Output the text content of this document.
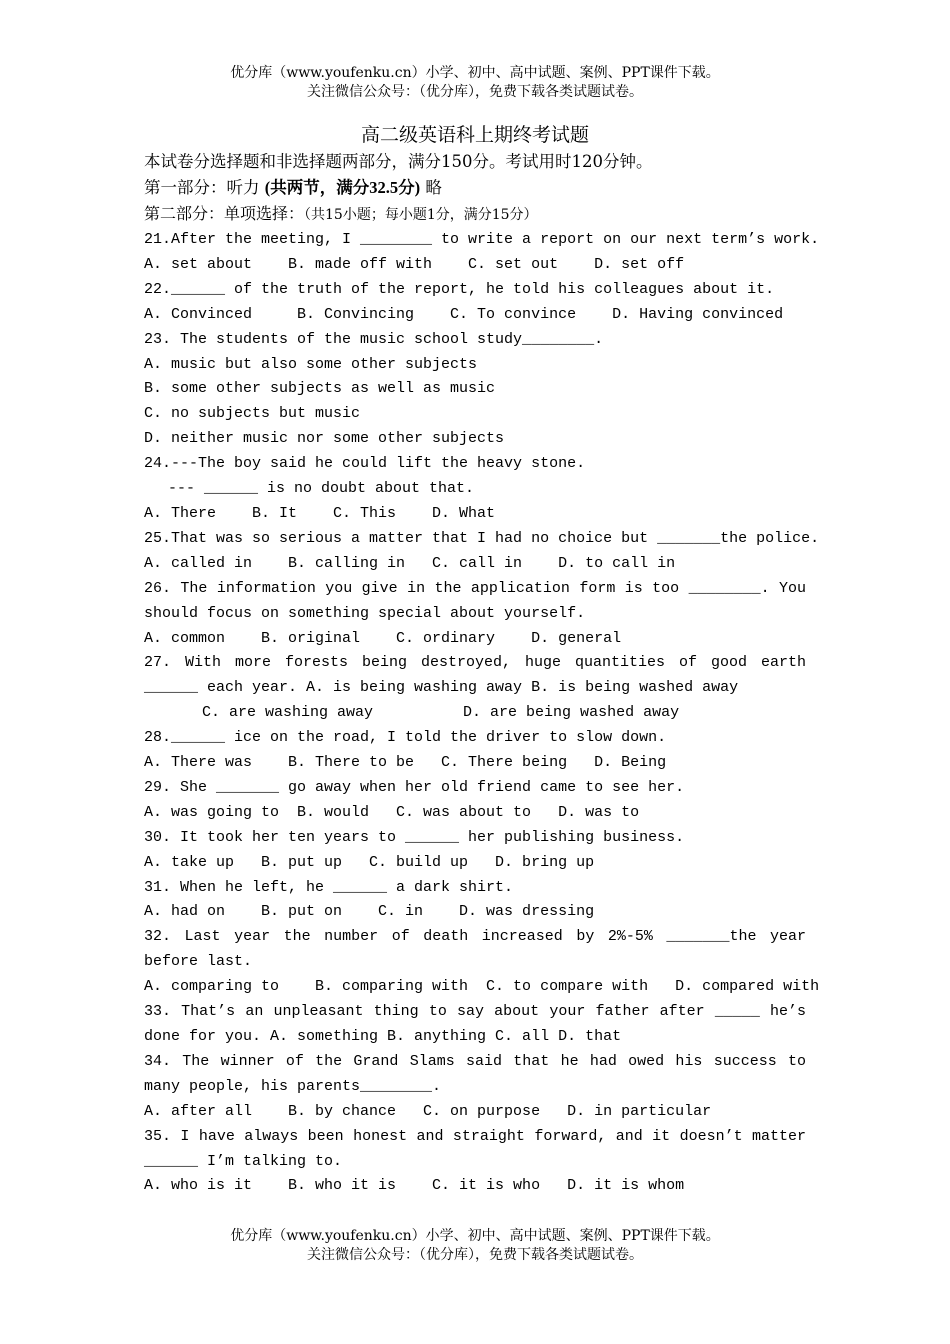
优分库（www.youfenku.cn）小学、初中、高中试题、案例、PPT课件下载。
关注微信公众号：（优分库），免费下载各类试题试卷。
高二级英语科上期终考试题
本试卷分选择题和非选择题两部分，满分150分。考试用时120分钟。
第一部分：听力 (共两节，满分32.5分) 略
第二部分：单项选择：（共15小题；每小题1分，满分15分）
21.After the meeting, I ________ to write a report on our next term’s work.
A. set about    B. made off with    C. set out    D. set off
22.______ of the truth of the report, he told his colleagues about it.
A. Convinced     B. Convincing    C. To convince    D. Having convinced
23. The students of the music school study________.
A. music but also some other subjects
B. some other subjects as well as music
C. no subjects but music
D. neither music nor some other subjects
24.---The boy said he could lift the heavy stone.
--- ______ is no doubt about that.
A. There    B. It    C. This    D. What
25.That was so serious a matter that I had no choice but _______the police.
A. called in    B. calling in   C. call in    D. to call in
26. The information you give in the application form is too ________. You should focus on something special about yourself.
A. common    B. original    C. ordinary    D. general
27. With more forests being destroyed, huge quantities of good earth ______ each year. A. is being washing away B. is being washed away
C. are washing away          D. are being washed away
28.______ ice on the road, I told the driver to slow down.
A. There was    B. There to be   C. There being   D. Being
29. She _______ go away when her old friend came to see her.
A. was going to  B. would   C. was about to   D. was to
30. It took her ten years to ______ her publishing business.
A. take up   B. put up   C. build up   D. bring up
31. When he left, he ______ a dark shirt.
A. had on    B. put on    C. in    D. was dressing
32. Last year the number of death increased by 2%-5% _______the year before last.
A. comparing to    B. comparing with  C. to compare with   D. compared with
33. That’s an unpleasant thing to say about your father after _____ he’s done for you. A. something B. anything C. all D. that
34. The winner of the Grand Slams said that he had owed his success to many people, his parents________.
A. after all    B. by chance   C. on purpose   D. in particular
35. I have always been honest and straight forward, and it doesn’t matter ______ I’m talking to.
A. who is it    B. who it is    C. it is who   D. it is whom
优分库（www.youfenku.cn）小学、初中、高中试题、案例、PPT课件下载。
关注微信公众号：（优分库），免费下载各类试题试卷。
